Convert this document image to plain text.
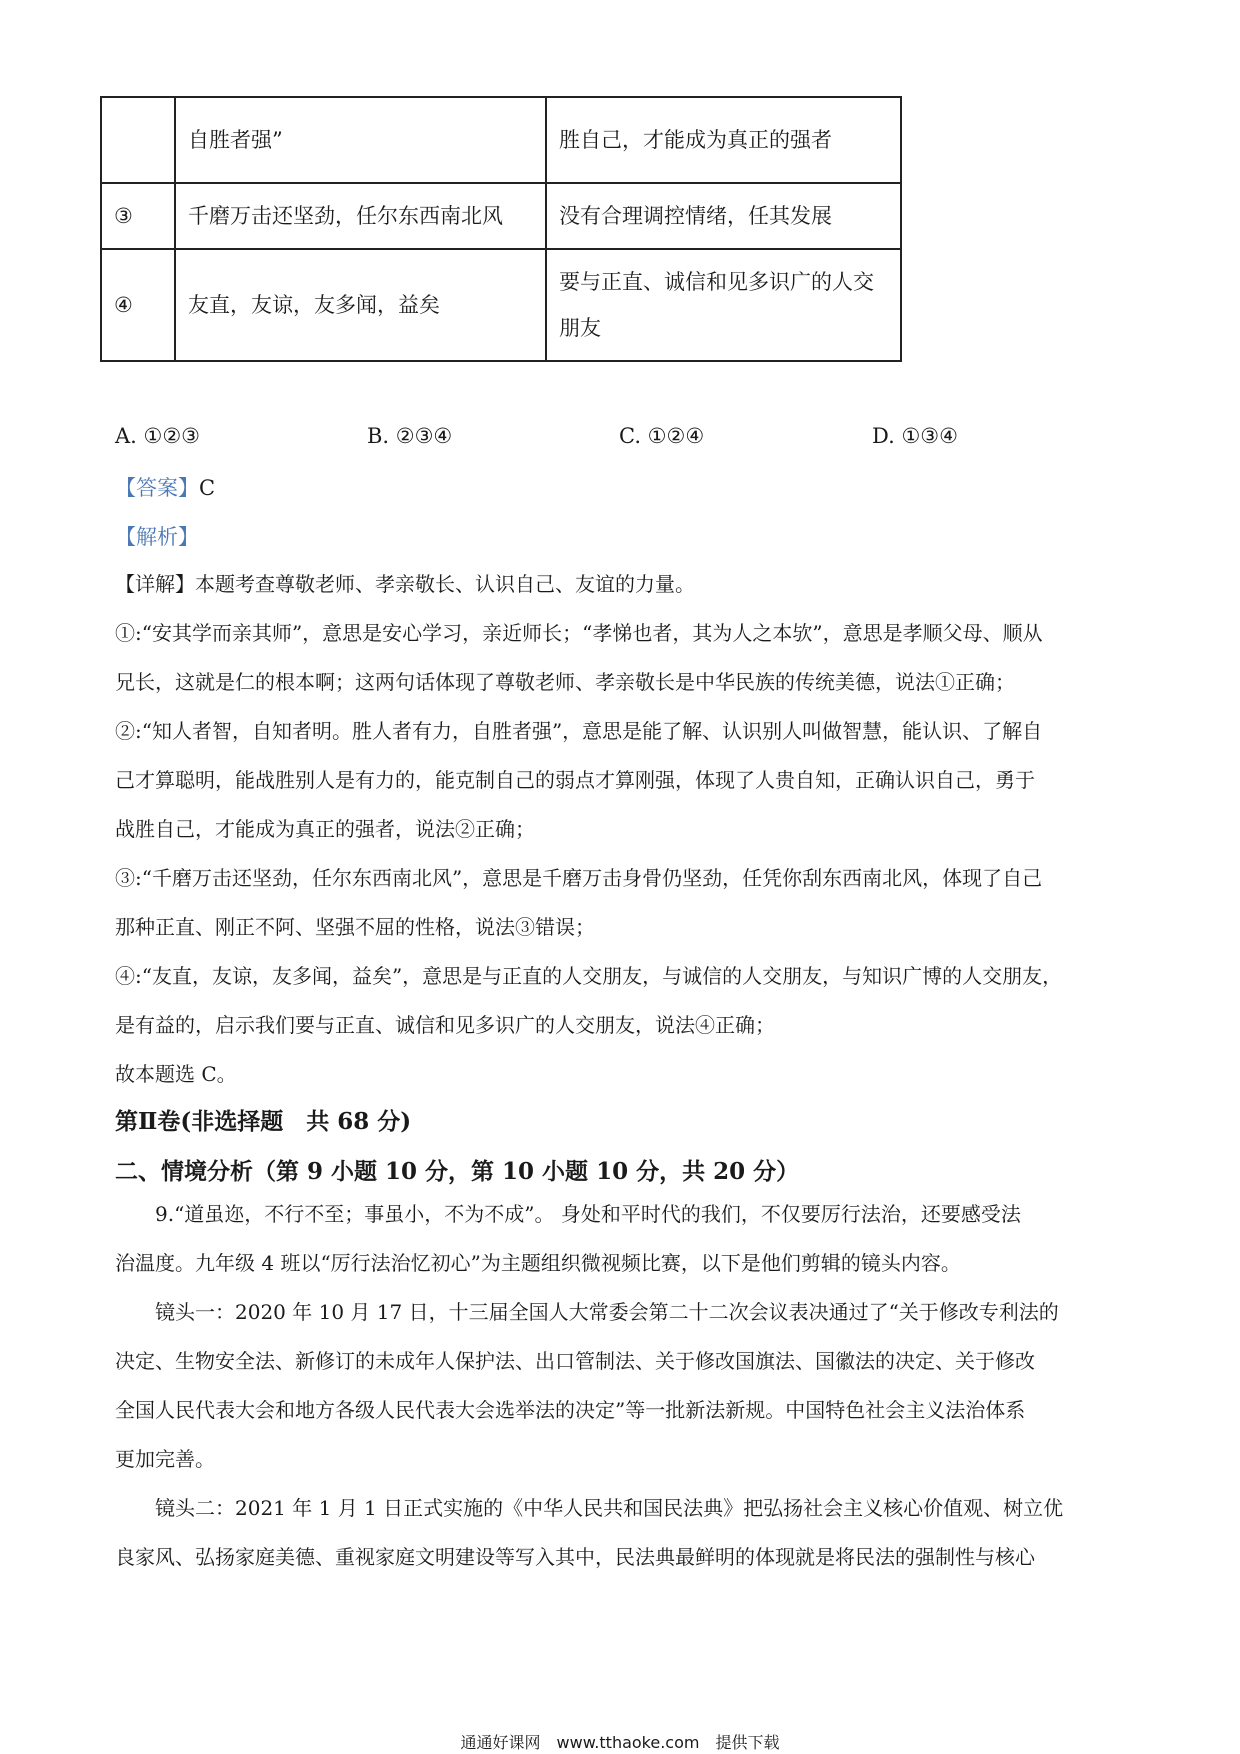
	自胜者强”	胜自己，才能成为真正的强者
③	千磨万击还坚劲，任尔东西南北风	没有合理调控情绪，任其发展
④	友直，友谅，友多闻，益矣	要与正直、诚信和见多识广的人交朋友
A. ①②③	B. ②③④	C. ①②④	D. ①③④
【答案】C
【解析】
【详解】本题考查尊敬老师、孝亲敬长、认识自己、友谊的力量。
①:“安其学而亲其师”，意思是安心学习，亲近师长；“孝悌也者，其为人之本欤”，意思是孝顺父母、顺从
兄长，这就是仁的根本啊；这两句话体现了尊敬老师、孝亲敬长是中华民族的传统美德，说法①正确；
②:“知人者智，自知者明。胜人者有力，自胜者强”，意思是能了解、认识别人叫做智慧，能认识、了解自
己才算聪明，能战胜别人是有力的，能克制自己的弱点才算刚强，体现了人贵自知，正确认识自己，勇于
战胜自己，才能成为真正的强者，说法②正确；
③:“千磨万击还坚劲，任尔东西南北风”，意思是千磨万击身骨仍坚劲，任凭你刮东西南北风，体现了自己
那种正直、刚正不阿、坚强不屈的性格，说法③错误；
④:“友直，友谅，友多闻，益矣”，意思是与正直的人交朋友，与诚信的人交朋友，与知识广博的人交朋友，
是有益的，启示我们要与正直、诚信和见多识广的人交朋友，说法④正确；
故本题选 C。
第Ⅱ卷(非选择题　共 68 分)
二、情境分析（第 9 小题 10 分，第 10 小题 10 分，共 20 分）
9.“道虽迩，不行不至；事虽小，不为不成”。 身处和平时代的我们，不仅要厉行法治，还要感受法
治温度。九年级 4 班以“厉行法治忆初心”为主题组织微视频比赛，以下是他们剪辑的镜头内容。
镜头一：2020 年 10 月 17 日，十三届全国人大常委会第二十二次会议表决通过了“关于修改专利法的
决定、生物安全法、新修订的未成年人保护法、出口管制法、关于修改国旗法、国徽法的决定、关于修改
全国人民代表大会和地方各级人民代表大会选举法的决定”等一批新法新规。中国特色社会主义法治体系
更加完善。
镜头二：2021 年 1 月 1 日正式实施的《中华人民共和国民法典》把弘扬社会主义核心价值观、树立优
良家风、弘扬家庭美德、重视家庭文明建设等写入其中，民法典最鲜明的体现就是将民法的强制性与核心
通通好课网　www.tthaoke.com　提供下载
